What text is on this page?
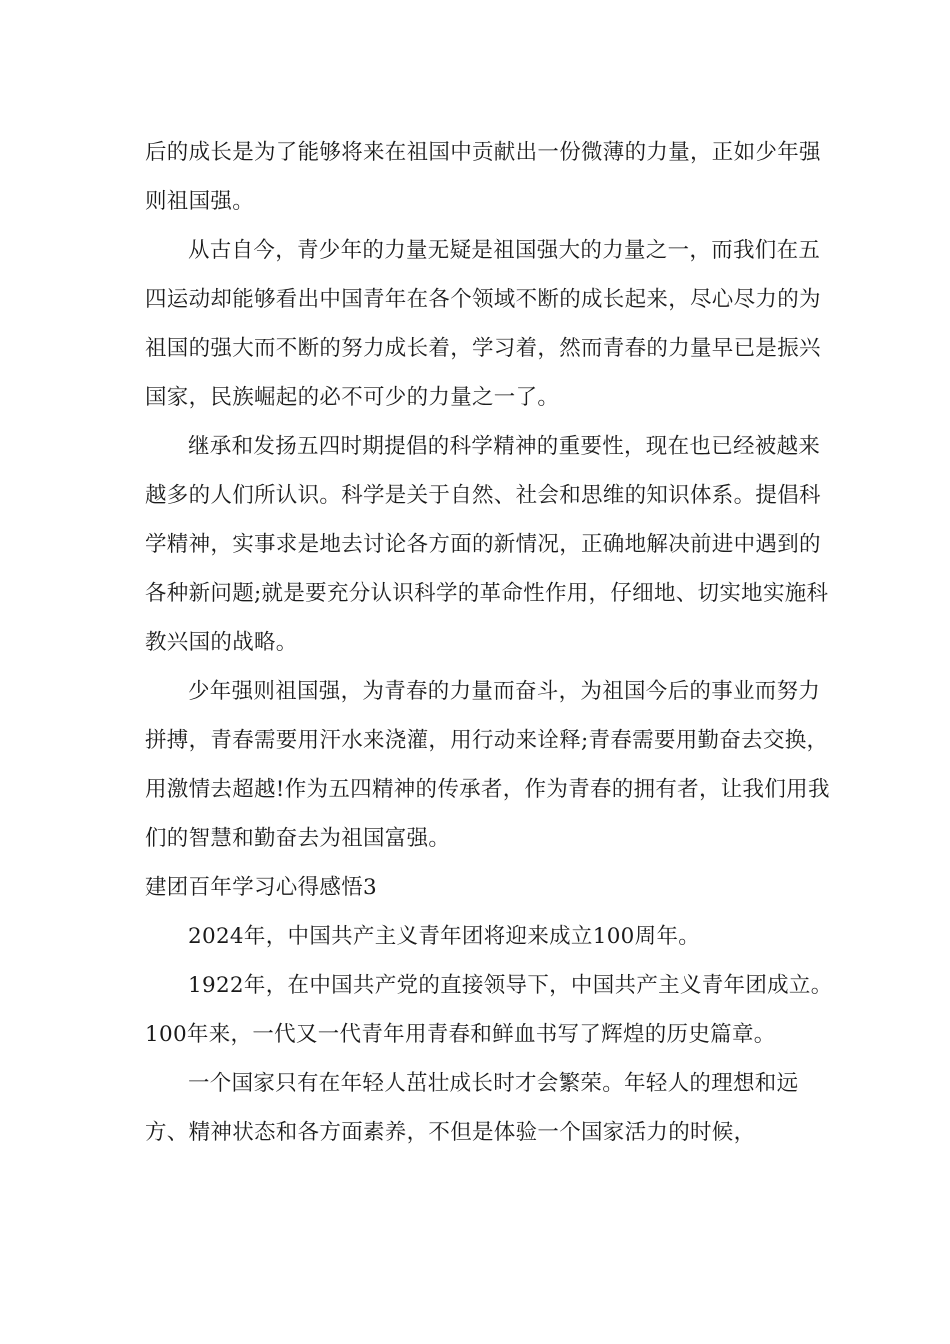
后的成长是为了能够将来在祖国中贡献出一份微薄的力量，正如少年强则祖国强。

从古自今，青少年的力量无疑是祖国强大的力量之一，而我们在五四运动却能够看出中国青年在各个领域不断的成长起来，尽心尽力的为祖国的强大而不断的努力成长着，学习着，然而青春的力量早已是振兴国家，民族崛起的必不可少的力量之一了。

继承和发扬五四时期提倡的科学精神的重要性，现在也已经被越来越多的人们所认识。科学是关于自然、社会和思维的知识体系。提倡科学精神，实事求是地去讨论各方面的新情况，正确地解决前进中遇到的各种新问题;就是要充分认识科学的革命性作用，仔细地、切实地实施科教兴国的战略。

少年强则祖国强，为青春的力量而奋斗，为祖国今后的事业而努力拼搏，青春需要用汗水来浇灌，用行动来诠释;青春需要用勤奋去交换，用激情去超越!作为五四精神的传承者，作为青春的拥有者，让我们用我们的智慧和勤奋去为祖国富强。

建团百年学习心得感悟3

2024年，中国共产主义青年团将迎来成立100周年。

1922年，在中国共产党的直接领导下，中国共产主义青年团成立。 100年来，一代又一代青年用青春和鲜血书写了辉煌的历史篇章。

一个国家只有在年轻人茁壮成长时才会繁荣。年轻人的理想和远方、精神状态和各方面素养，不但是体验一个国家活力的时候，
